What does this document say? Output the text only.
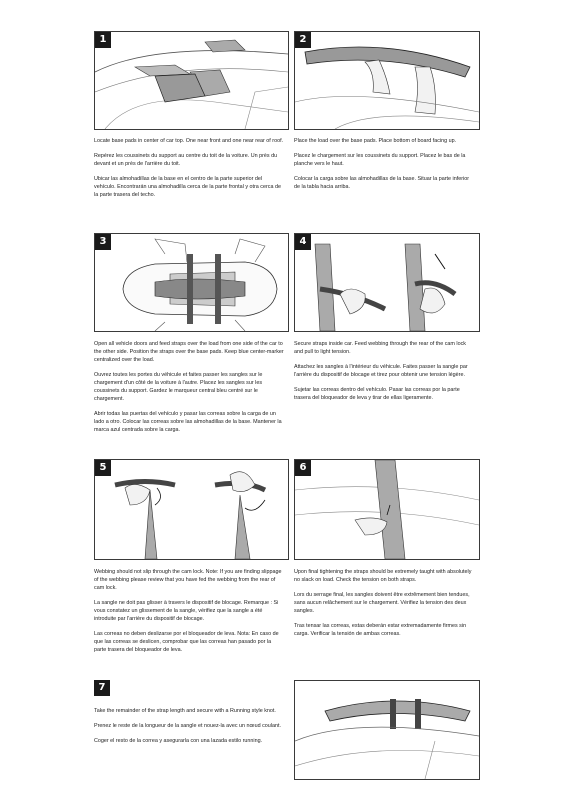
1

Locate base pads in center of car top. One near front and one near rear of roof.

Repérez les coussinets du support au centre du toit de la voiture. Un près du devant et un près de l'arrière du toit.

Ubicar las almohadillas de la base en el centro de la parte superior del vehículo. Encontrarán una almohadilla cerca de la parte frontal y otra cerca de la parte trasera del techo.

2

Place the load over the base pads. Place bottom of board facing up.

Placez le chargement sur les coussinets du support. Placez le bas de la planche vers le haut.

Colocar la carga sobre las almohadillas de la base. Situar la parte inferior de la tabla hacia arriba.

3

Open all vehicle doors and feed straps over the load from one side of the car to the other side. Position the straps over the base pads. Keep blue center-marker centralized over the load.

Ouvrez toutes les portes du véhicule et faites passer les sangles sur le chargement d'un côté de la voiture à l'autre. Placez les sangles sur les coussinets du support. Gardez le marqueur central bleu centré sur le chargement.

Abrir todas las puertas del vehículo y pasar las correas sobre la carga de un lado a otro. Colocar las correas sobre las almohadillas de la base. Mantener la marca azul centrada sobre la carga.

4

Secure straps inside car. Feed webbing through the rear of the cam lock and pull to light tension.

Attachez les sangles à l'intérieur du véhicule. Faites passer la sangle par l'arrière du dispositif de blocage et tirez pour obtenir une tension légère.

Sujetar las correas dentro del vehículo. Pasar las correas por la parte trasera del bloqueador de leva y tirar de ellas ligeramente.

5

Webbing should not slip through the cam lock. Note: If you are finding slippage of the webbing please review that you have fed the webbing from the rear of cam lock.

La sangle ne doit pas glisser à travers le dispositif de blocage. Remarque : Si vous constatez un glissement de la sangle, vérifiez que la sangle a été introduite par l'arrière du dispositif de blocage.

Las correas no deben deslizarse por el bloqueador de leva. Nota: En caso de que las correas se deslicen, comprobar que las correas han pasado por la parte trasera del bloqueador de leva.

6

Upon final tightening the straps should be extremely taught with absolutely no slack on load. Check the tension on both straps.

Lors du serrage final, les sangles doivent être extrêmement bien tendues, sans aucun relâchement sur le chargement. Vérifiez la tension des deux sangles.

Tras tensar las correas, estas deberán estar extremadamente firmes sin carga. Verificar la tensión de ambas correas.

7

Take the remainder of the strap length and secure with a Running style knot.

Prenez le reste de la longueur de la sangle et nouez-la avec un nœud coulant.

Coger el resto de la correa y asegurarla con una lazada estilo running.
